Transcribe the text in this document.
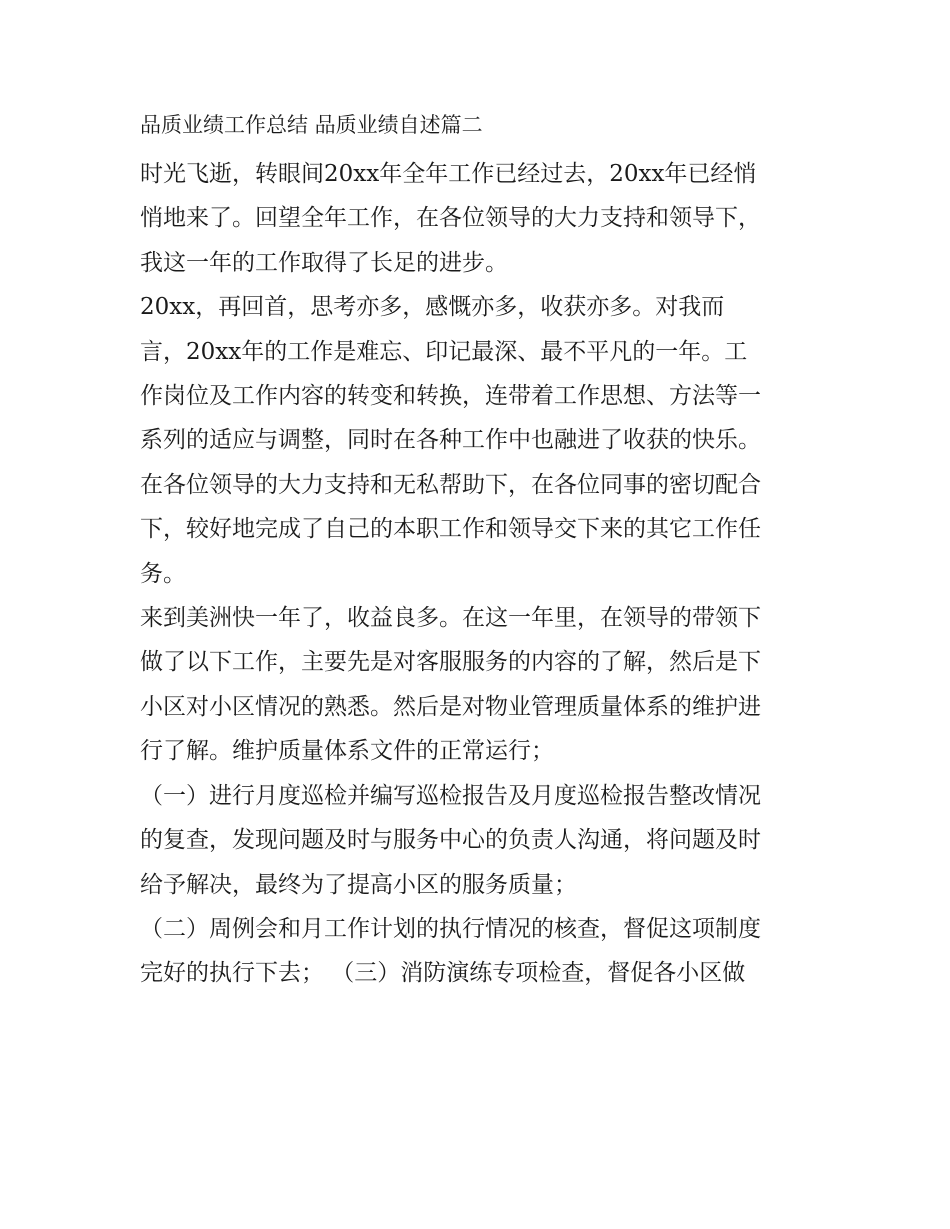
品质业绩工作总结 品质业绩自述篇二

时光飞逝，转眼间20xx年全年工作已经过去，20xx年已经悄
悄地来了。回望全年工作，在各位领导的大力支持和领导下，
我这一年的工作取得了长足的进步。

20xx，再回首，思考亦多，感慨亦多，收获亦多。对我而
言，20xx年的工作是难忘、印记最深、最不平凡的一年。工
作岗位及工作内容的转变和转换，连带着工作思想、方法等一
系列的适应与调整，同时在各种工作中也融进了收获的快乐。
在各位领导的大力支持和无私帮助下，在各位同事的密切配合
下，较好地完成了自己的本职工作和领导交下来的其它工作任
务。

来到美洲快一年了，收益良多。在这一年里，在领导的带领下
做了以下工作，主要先是对客服服务的内容的了解，然后是下
小区对小区情况的熟悉。然后是对物业管理质量体系的维护进
行了解。维护质量体系文件的正常运行；

（一）进行月度巡检并编写巡检报告及月度巡检报告整改情况
的复查，发现问题及时与服务中心的负责人沟通，将问题及时
给予解决，最终为了提高小区的服务质量；

（二）周例会和月工作计划的执行情况的核查，督促这项制度
完好的执行下去； （三）消防演练专项检查，督促各小区做
